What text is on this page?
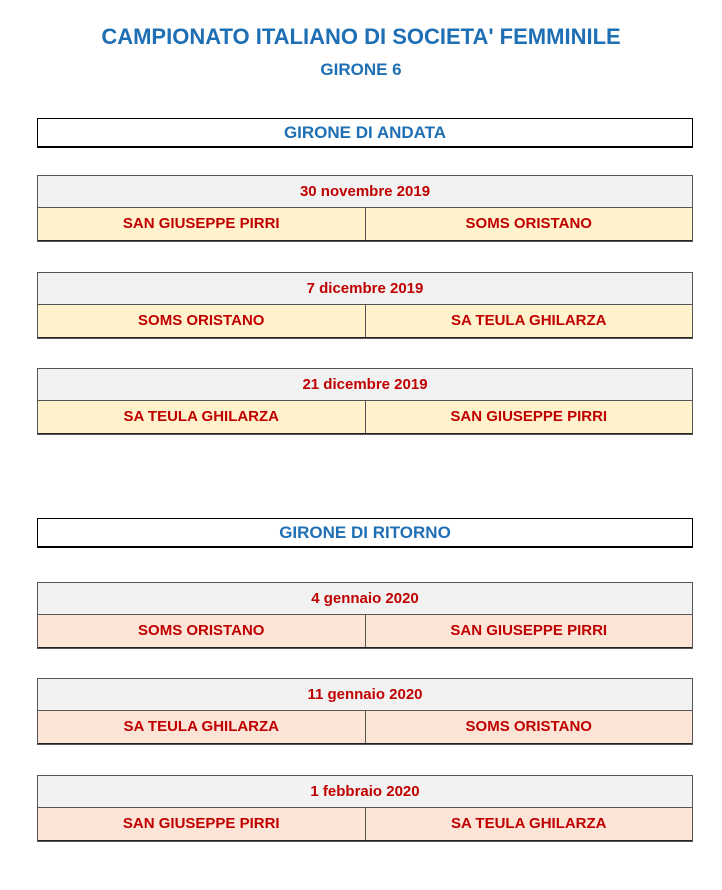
CAMPIONATO ITALIANO DI SOCIETA' FEMMINILE
GIRONE 6
GIRONE DI ANDATA
30 novembre 2019
SAN GIUSEPPE PIRRI	SOMS ORISTANO
7 dicembre 2019
SOMS ORISTANO	SA TEULA GHILARZA
21 dicembre 2019
SA TEULA GHILARZA	SAN GIUSEPPE PIRRI
GIRONE DI RITORNO
4 gennaio 2020
SOMS ORISTANO	SAN GIUSEPPE PIRRI
11 gennaio 2020
SA TEULA GHILARZA	SOMS ORISTANO
1 febbraio 2020
SAN GIUSEPPE PIRRI	SA TEULA GHILARZA
